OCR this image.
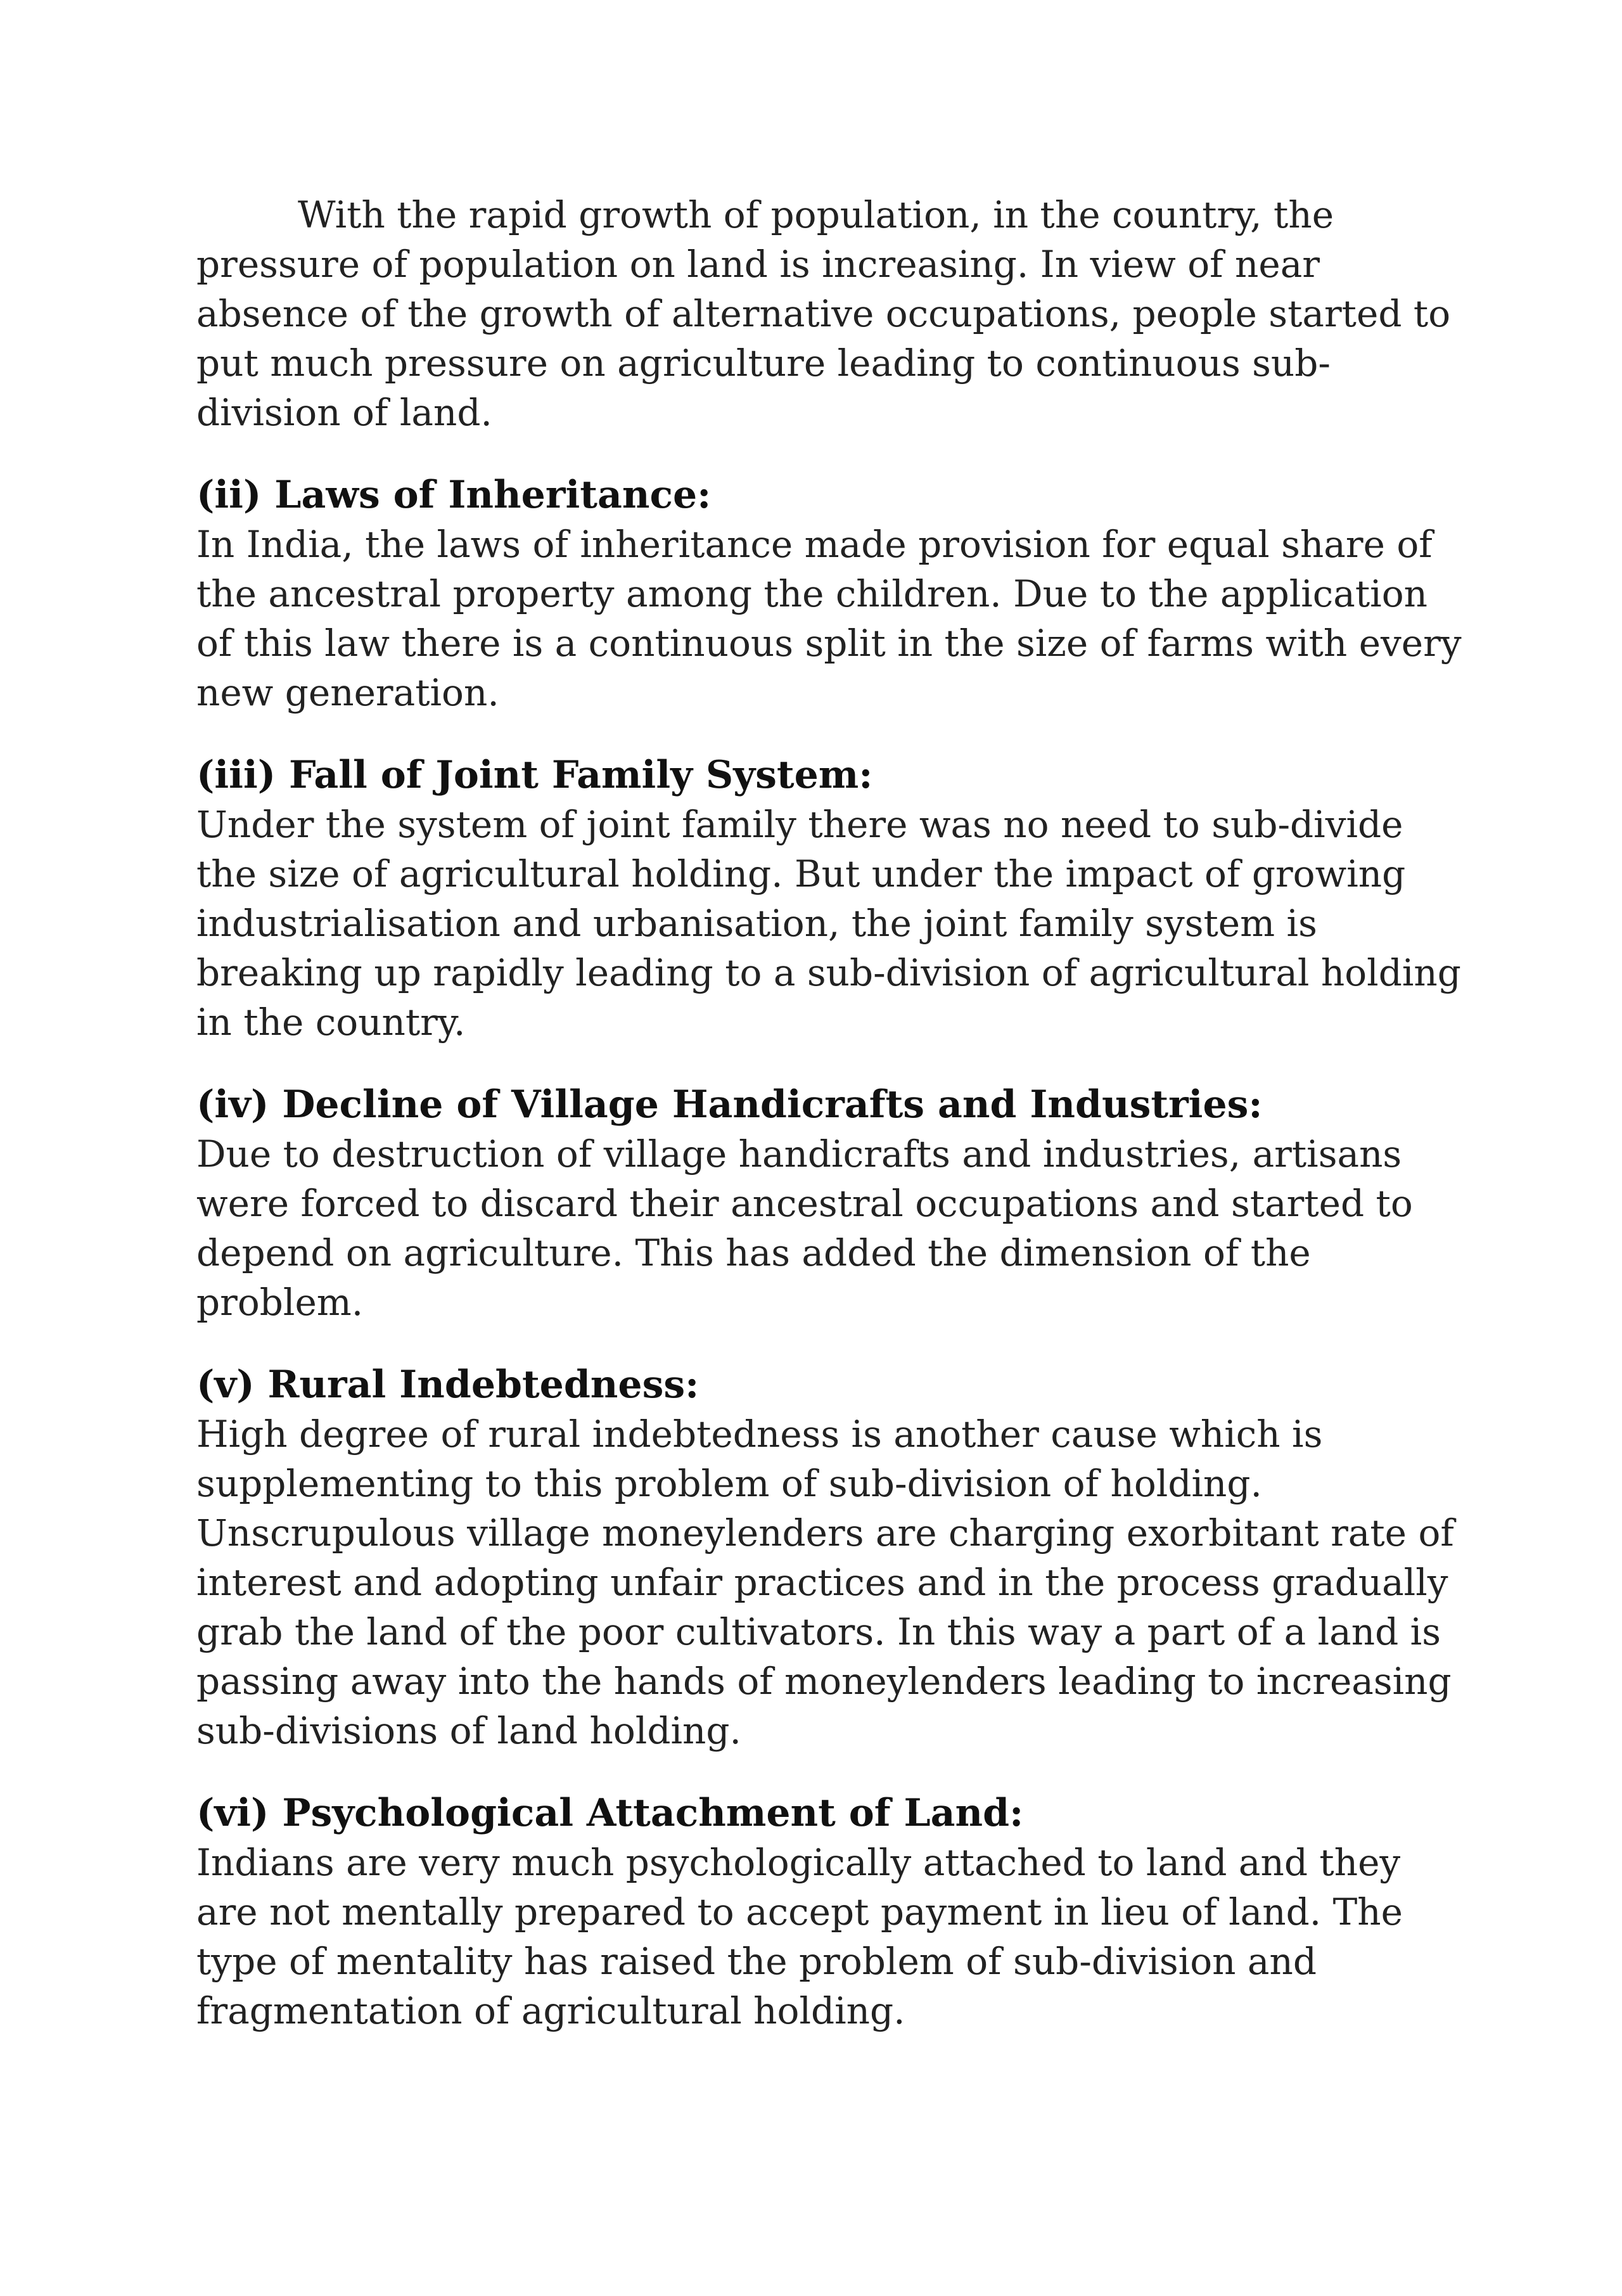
With the rapid growth of population, in the country, the pressure of population on land is increasing. In view of near absence of the growth of alternative occupations, people started to put much pressure on agriculture leading to continuous sub-division of land.

(ii) Laws of Inheritance:

In India, the laws of inheritance made provision for equal share of the ancestral property among the children. Due to the application of this law there is a continuous split in the size of farms with every new generation.

(iii) Fall of Joint Family System:

Under the system of joint family there was no need to sub-divide the size of agricultural holding. But under the impact of growing industrialisation and urbanisation, the joint family system is breaking up rapidly leading to a sub-division of agricultural holding in the country.

(iv) Decline of Village Handicrafts and Industries:

Due to destruction of village handicrafts and industries, artisans were forced to discard their ancestral occupations and started to depend on agriculture. This has added the dimension of the problem.

(v) Rural Indebtedness:

High degree of rural indebtedness is another cause which is supplementing to this problem of sub-division of holding. Unscrupulous village moneylenders are charging exorbitant rate of interest and adopting unfair practices and in the process gradually grab the land of the poor cultivators. In this way a part of a land is passing away into the hands of moneylenders leading to increasing sub-divisions of land holding.

(vi) Psychological Attachment of Land:

Indians are very much psychologically attached to land and they are not mentally prepared to accept payment in lieu of land. The type of mentality has raised the problem of sub-division and fragmentation of agricultural holding.
